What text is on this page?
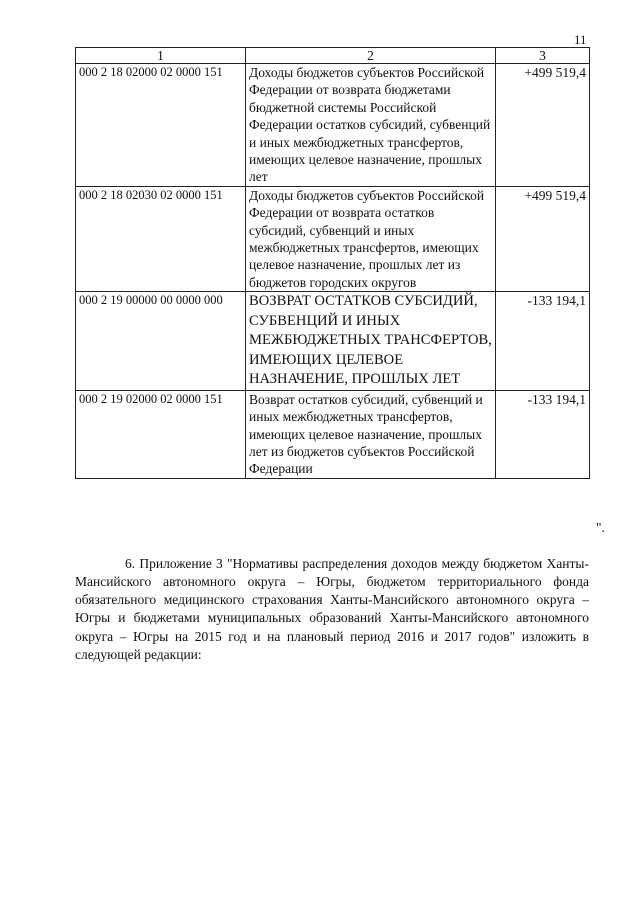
11
1	2	3
000 2 18 02000 02 0000 151	Доходы бюджетов субъектов Российской Федерации от возврата бюджетами бюджетной системы Российской Федерации остатков субсидий, субвенций и иных межбюджетных трансфертов, имеющих целевое назначение, прошлых лет	+499 519,4
000 2 18 02030 02 0000 151	Доходы бюджетов субъектов Российской Федерации от возврата остатков субсидий, субвенций и иных межбюджетных трансфертов, имеющих целевое назначение, прошлых лет из бюджетов городских округов	+499 519,4
000 2 19 00000 00 0000 000	ВОЗВРАТ ОСТАТКОВ СУБСИДИЙ, СУБВЕНЦИЙ И ИНЫХ МЕЖБЮДЖЕТНЫХ ТРАНСФЕРТОВ, ИМЕЮЩИХ ЦЕЛЕВОЕ НАЗНАЧЕНИЕ, ПРОШЛЫХ ЛЕТ	-133 194,1
000 2 19 02000 02 0000 151	Возврат остатков субсидий, субвенций и иных межбюджетных трансфертов, имеющих целевое назначение, прошлых лет из бюджетов субъектов Российской Федерации	-133 194,1
".

6. Приложение 3 "Нормативы распределения доходов между бюджетом Ханты-Мансийского автономного округа – Югры, бюджетом территориального фонда обязательного медицинского страхования Ханты-Мансийского автономного округа – Югры и бюджетами муниципальных образований Ханты-Мансийского автономного округа – Югры на 2015 год и на плановый период 2016 и 2017 годов" изложить в следующей редакции:
